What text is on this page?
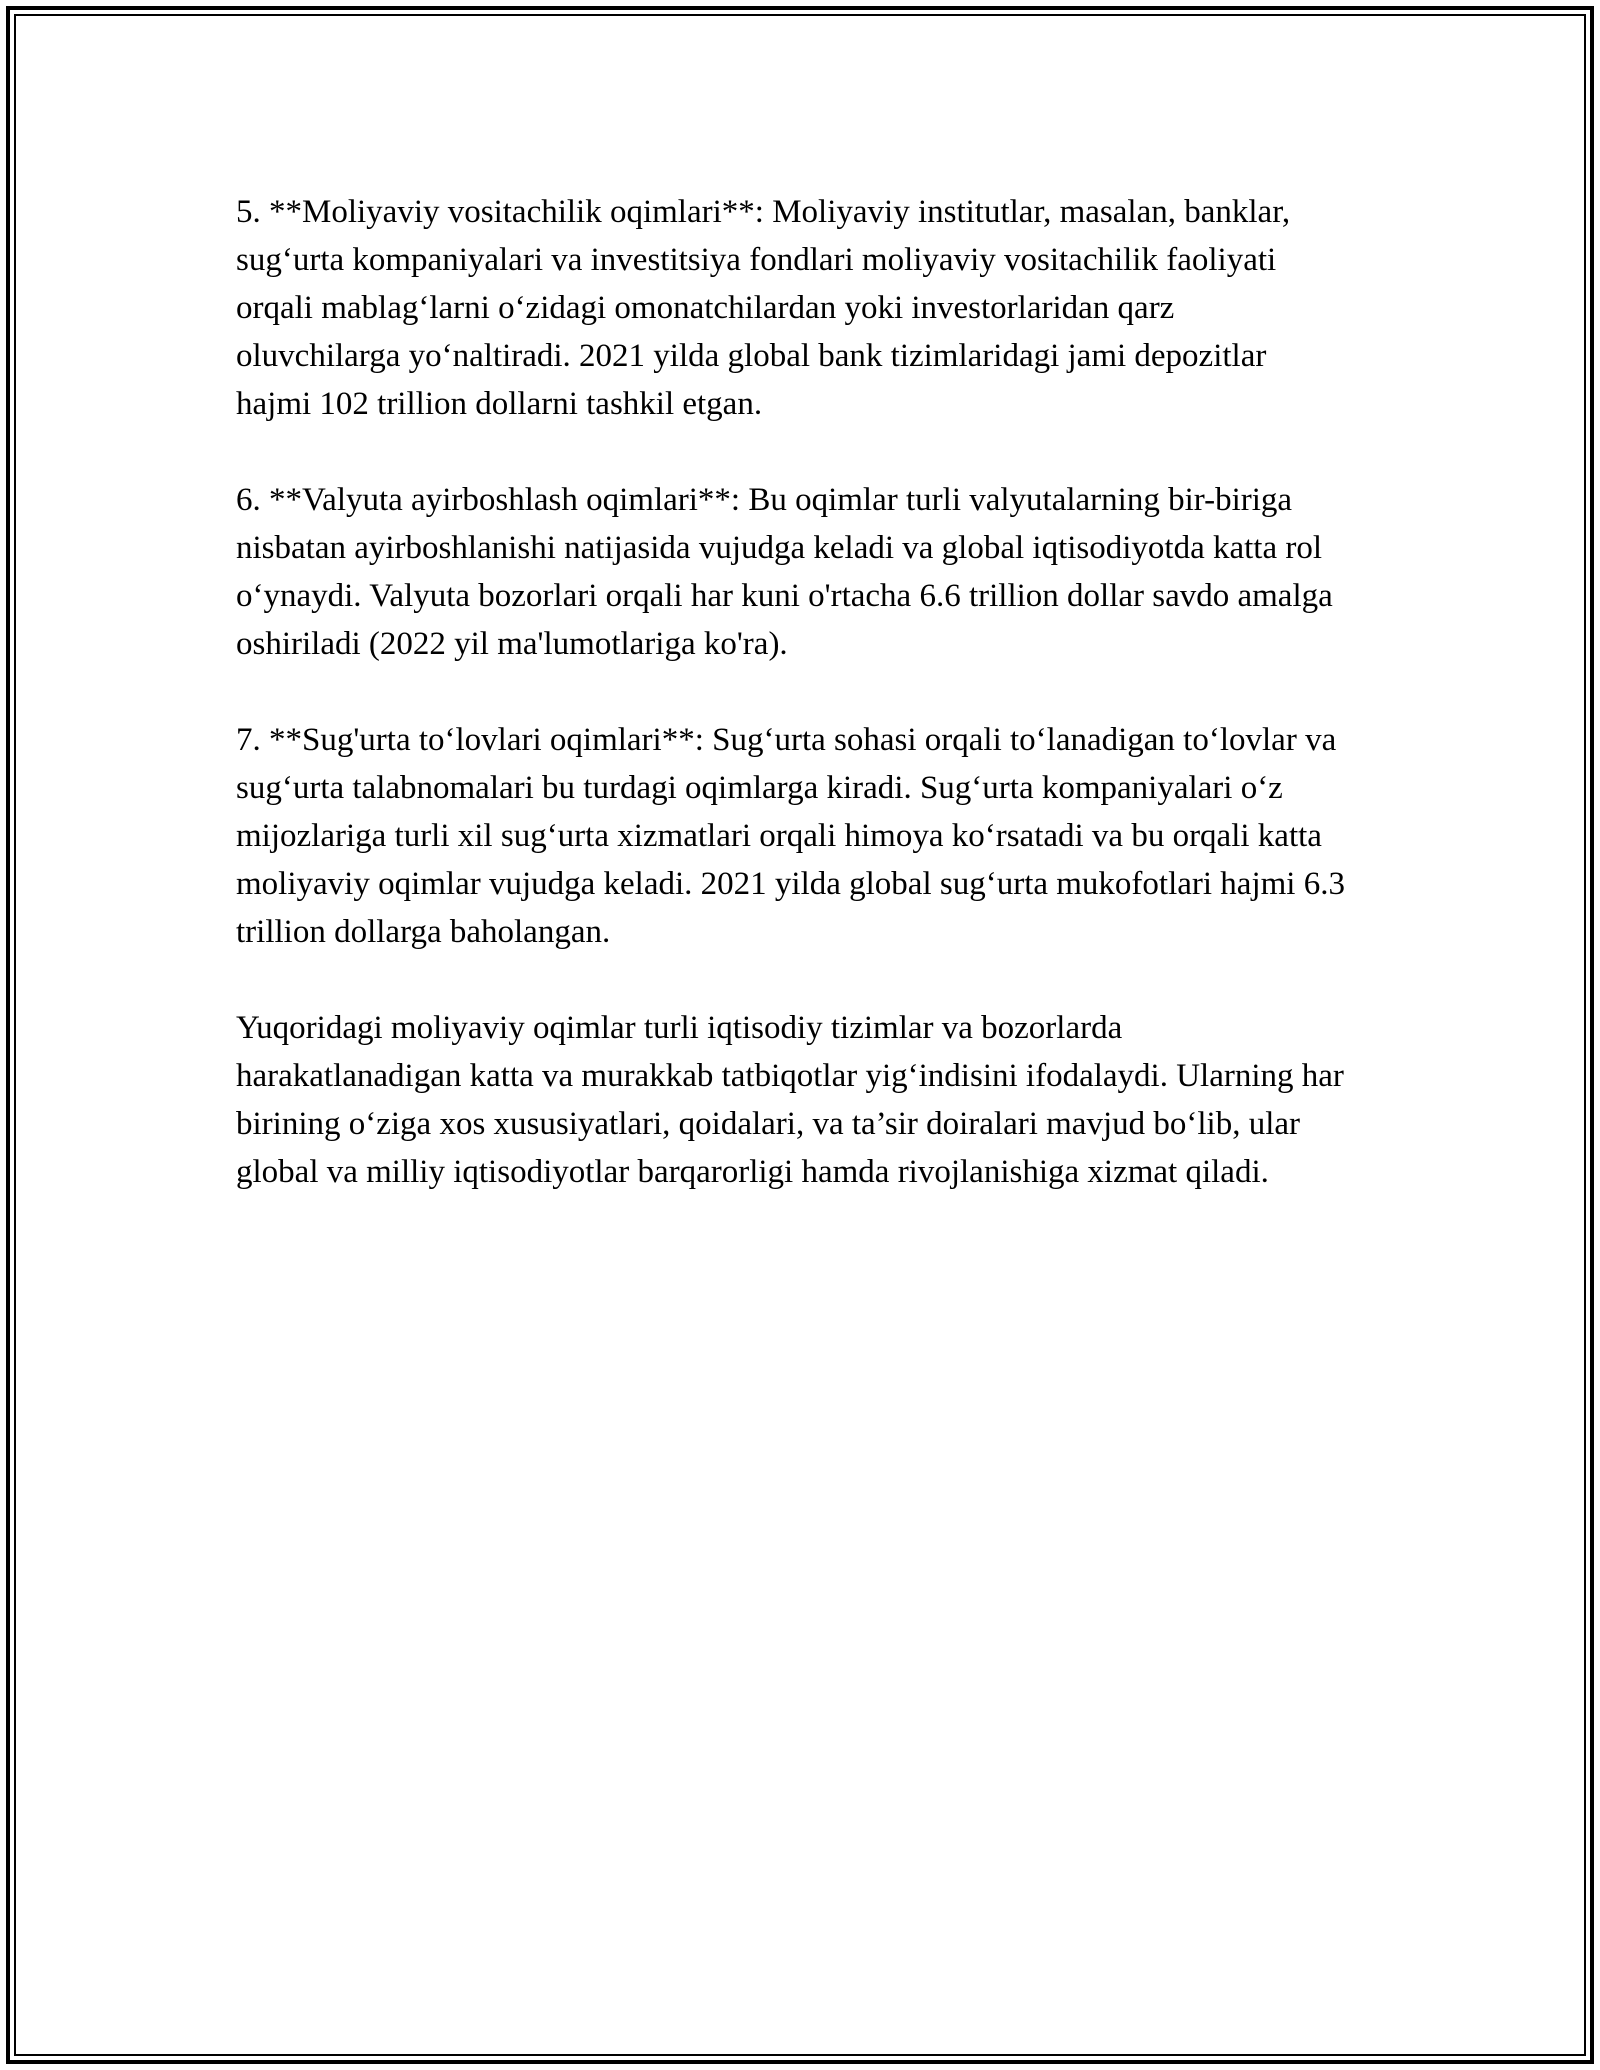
5. **Moliyaviy vositachilik oqimlari**: Moliyaviy institutlar, masalan, banklar, sug‘urta kompaniyalari va investitsiya fondlari moliyaviy vositachilik faoliyati orqali mablag‘larni o‘zidagi omonatchilardan yoki investorlaridan qarz oluvchilarga yo‘naltiradi. 2021 yilda global bank tizimlaridagi jami depozitlar hajmi 102 trillion dollarni tashkil etgan.

6. **Valyuta ayirboshlash oqimlari**: Bu oqimlar turli valyutalarning bir-biriga nisbatan ayirboshlanishi natijasida vujudga keladi va global iqtisodiyotda katta rol o‘ynaydi. Valyuta bozorlari orqali har kuni o'rtacha 6.6 trillion dollar savdo amalga oshiriladi (2022 yil ma'lumotlariga ko'ra).

7. **Sug'urta to‘lovlari oqimlari**: Sug‘urta sohasi orqali to‘lanadigan to‘lovlar va sug‘urta talabnomalari bu turdagi oqimlarga kiradi. Sug‘urta kompaniyalari o‘z mijozlariga turli xil sug‘urta xizmatlari orqali himoya ko‘rsatadi va bu orqali katta moliyaviy oqimlar vujudga keladi. 2021 yilda global sug‘urta mukofotlari hajmi 6.3 trillion dollarga baholangan.

Yuqoridagi moliyaviy oqimlar turli iqtisodiy tizimlar va bozorlarda harakatlanadigan katta va murakkab tatbiqotlar yig‘indisini ifodalaydi. Ularning har birining o‘ziga xos xususiyatlari, qoidalari, va ta’sir doiralari mavjud bo‘lib, ular global va milliy iqtisodiyotlar barqarorligi hamda rivojlanishiga xizmat qiladi.
